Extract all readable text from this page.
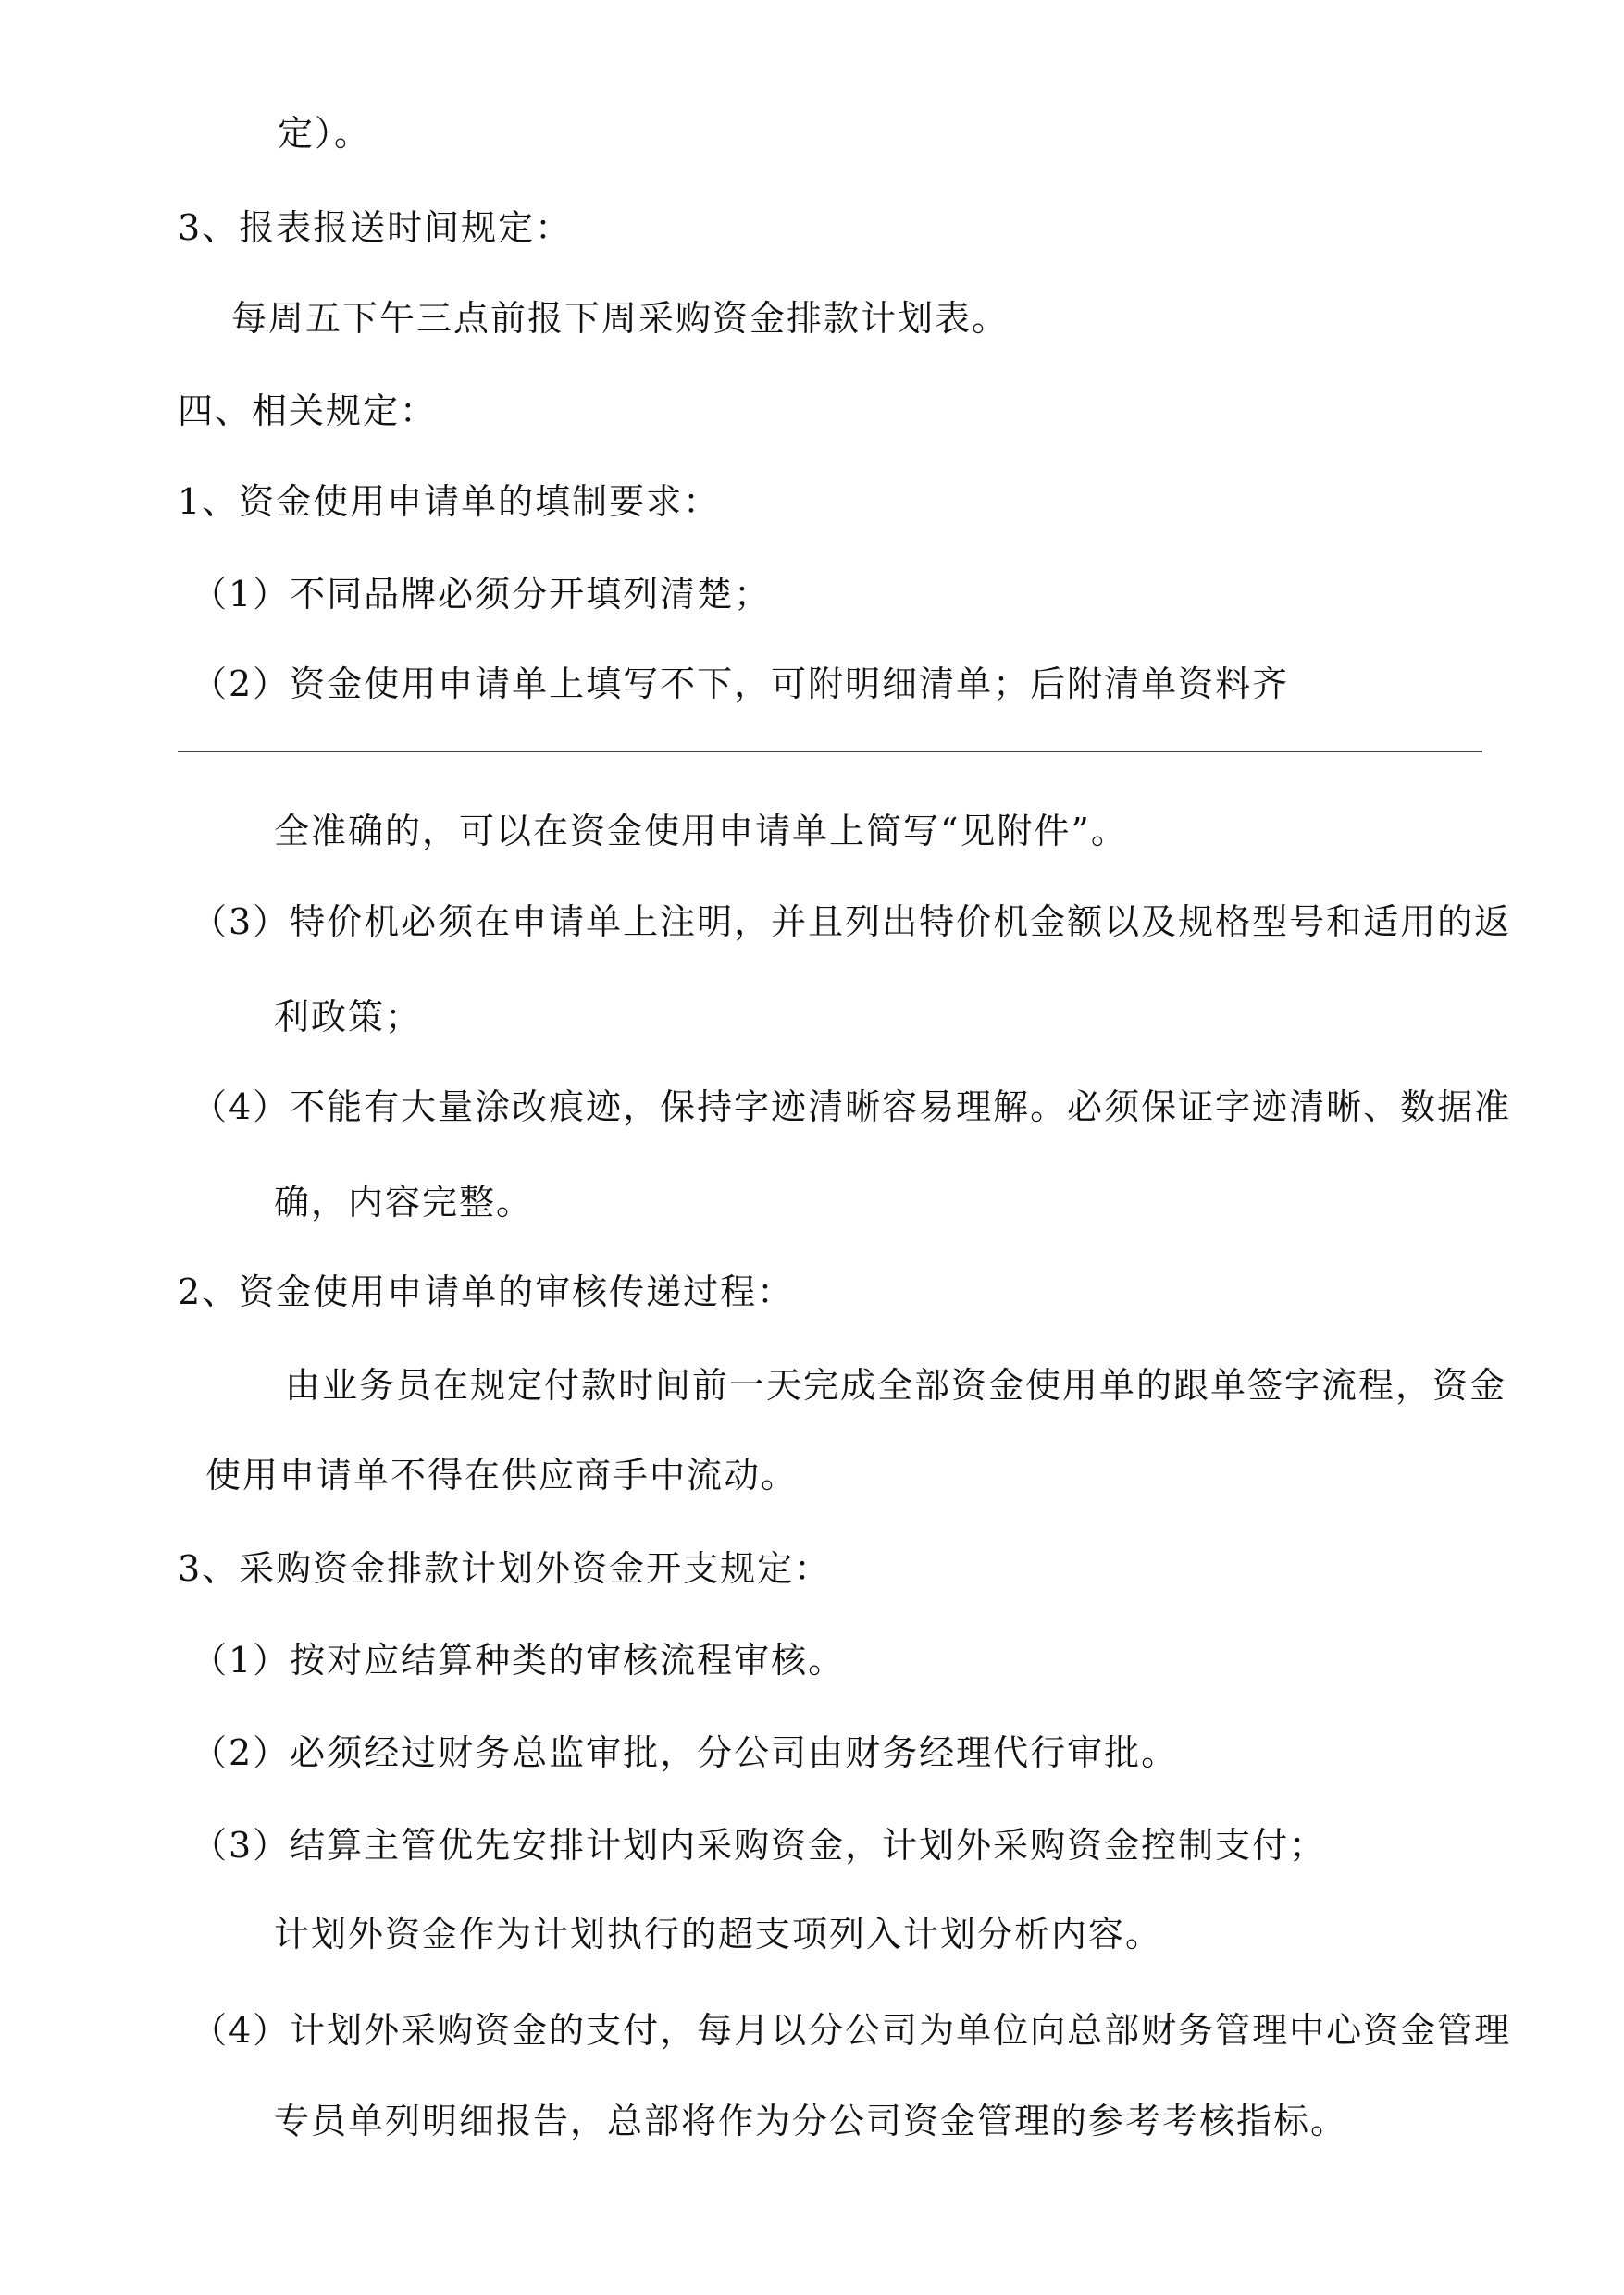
定）。
3、报表报送时间规定：
每周五下午三点前报下周采购资金排款计划表。
四、相关规定：
1、资金使用申请单的填制要求：
（1）不同品牌必须分开填列清楚；
（2）资金使用申请单上填写不下，可附明细清单；后附清单资料齐
全准确的，可以在资金使用申请单上简写“见附件”。
（3）特价机必须在申请单上注明，并且列出特价机金额以及规格型号和适用的返
利政策；
（4）不能有大量涂改痕迹，保持字迹清晰容易理解。必须保证字迹清晰、数据准
确，内容完整。
2、资金使用申请单的审核传递过程：
由业务员在规定付款时间前一天完成全部资金使用单的跟单签字流程，资金
使用申请单不得在供应商手中流动。
3、采购资金排款计划外资金开支规定：
（1）按对应结算种类的审核流程审核。
（2）必须经过财务总监审批，分公司由财务经理代行审批。
（3）结算主管优先安排计划内采购资金，计划外采购资金控制支付；
计划外资金作为计划执行的超支项列入计划分析内容。
（4）计划外采购资金的支付，每月以分公司为单位向总部财务管理中心资金管理
专员单列明细报告，总部将作为分公司资金管理的参考考核指标。
